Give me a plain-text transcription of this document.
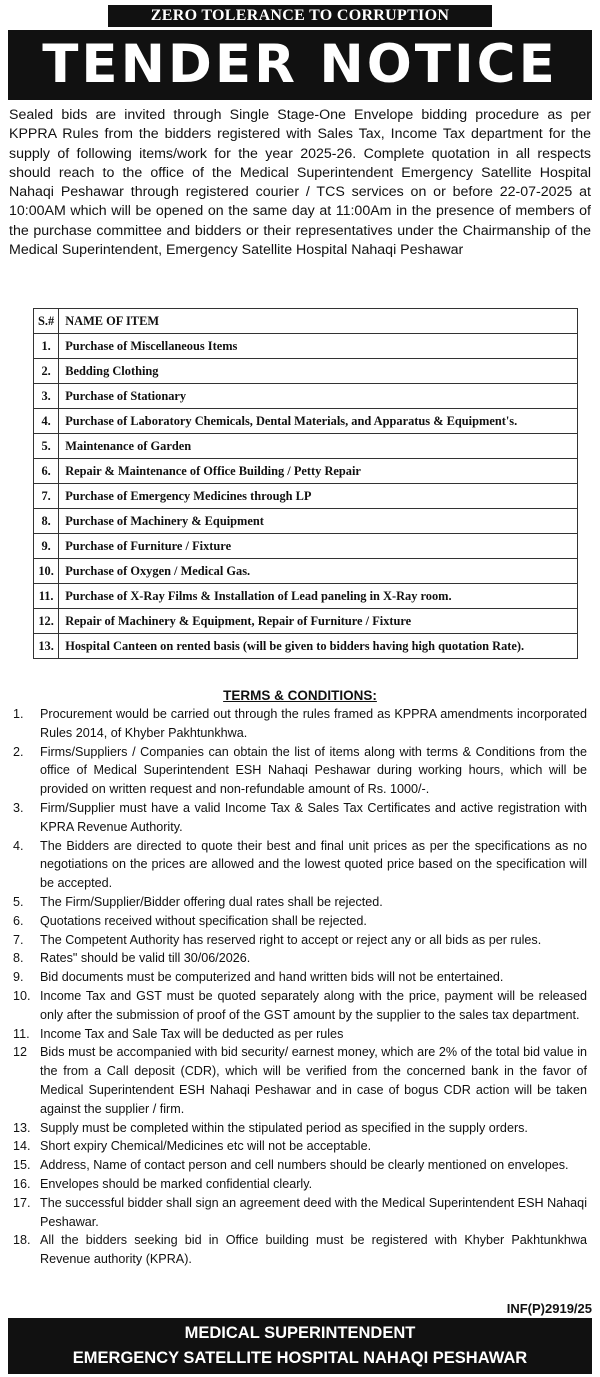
ZERO TOLERANCE TO CORRUPTION
TENDER NOTICE

Sealed bids are invited through Single Stage-One Envelope bidding procedure as per KPPRA Rules from the bidders registered with Sales Tax, Income Tax department for the supply of following items/work for the year 2025-26. Complete quotation in all respects should reach to the office of the Medical Superintendent Emergency Satellite Hospital Nahaqi Peshawar through registered courier / TCS services on or before 22-07-2025 at 10:00AM which will be opened on the same day at 11:00Am in the presence of members of the purchase committee and bidders or their representatives under the Chairmanship of the Medical Superintendent, Emergency Satellite Hospital Nahaqi Peshawar

S.#	NAME OF ITEM
1.	Purchase of Miscellaneous Items
2.	Bedding Clothing
3.	Purchase of Stationary
4.	Purchase of Laboratory Chemicals, Dental Materials, and Apparatus & Equipment's.
5.	Maintenance of Garden
6.	Repair & Maintenance of Office Building / Petty Repair
7.	Purchase of Emergency Medicines through LP
8.	Purchase of Machinery & Equipment
9.	Purchase of Furniture / Fixture
10.	Purchase of Oxygen / Medical Gas.
11.	Purchase of X-Ray Films & Installation of Lead paneling in X-Ray room.
12.	Repair of Machinery & Equipment, Repair of Furniture / Fixture
13.	Hospital Canteen on rented basis (will be given to bidders having high quotation Rate).
TERMS & CONDITIONS:
1.	Procurement would be carried out through the rules framed as KPPRA amendments incorporated Rules 2014, of Khyber Pakhtunkhwa.
2.	Firms/Suppliers / Companies can obtain the list of items along with terms & Conditions from the office of Medical Superintendent ESH Nahaqi Peshawar during working hours, which will be provided on written request and non-refundable amount of Rs. 1000/-.
3.	Firm/Supplier must have a valid Income Tax & Sales Tax Certificates and active registration with KPRA Revenue Authority.
4.	The Bidders are directed to quote their best and final unit prices as per the specifications as no negotiations on the prices are allowed and the lowest quoted price based on the specification will be accepted.
5.	The Firm/Supplier/Bidder offering dual rates shall be rejected.
6.	Quotations received without specification shall be rejected.
7.	The Competent Authority has reserved right to accept or reject any or all bids as per rules.
8.	Rates" should be valid till 30/06/2026.
9.	Bid documents must be computerized and hand written bids will not be entertained.
10. Income Tax and GST must be quoted separately along with the price, payment will be released only after the submission of proof of the GST amount by the supplier to the sales tax department.
11. Income Tax and Sale Tax will be deducted as per rules
12	Bids must be accompanied with bid security/ earnest money, which are 2% of the total bid value in the from a Call deposit (CDR), which will be verified from the concerned bank in the favor of Medical Superintendent ESH Nahaqi Peshawar and in case of bogus CDR action will be taken against the supplier / firm.
13. Supply must be completed within the stipulated period as specified in the supply orders.
14. Short expiry Chemical/Medicines etc will not be acceptable.
15. Address, Name of contact person and cell numbers should be clearly mentioned on envelopes.
16. Envelopes should be marked confidential clearly.
17. The successful bidder shall sign an agreement deed with the Medical Superintendent ESH Nahaqi Peshawar.
18. All the bidders seeking bid in Office building must be registered with Khyber Pakhtunkhwa Revenue authority (KPRA).
INF(P)2919/25
MEDICAL SUPERINTENDENT
EMERGENCY SATELLITE HOSPITAL NAHAQI PESHAWAR
